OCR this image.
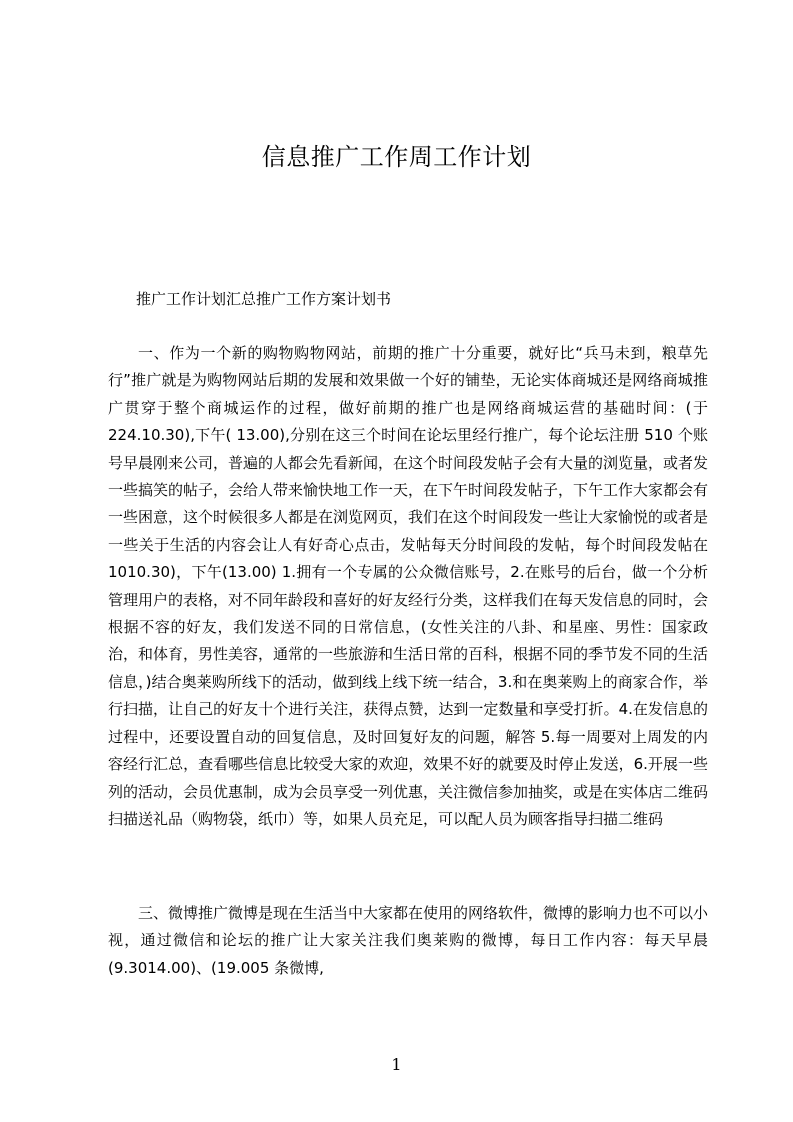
信息推广工作周工作计划
推广工作计划汇总推广工作方案计划书

一、作为一个新的购物购物网站，前期的推广十分重要，就好比“兵马未到，粮草先行”推广就是为购物网站后期的发展和效果做一个好的铺垫，无论实体商城还是网络商城推广贯穿于整个商城运作的过程，做好前期的推广也是网络商城运营的基础时间：(于 224.10.30),下午( 13.00),分别在这三个时间在论坛里经行推广，每个论坛注册 510 个账号早晨刚来公司，普遍的人都会先看新闻，在这个时间段发帖子会有大量的浏览量，或者发一些搞笑的帖子，会给人带来愉快地工作一天，在下午时间段发帖子，下午工作大家都会有一些困意，这个时候很多人都是在浏览网页，我们在这个时间段发一些让大家愉悦的或者是一些关于生活的内容会让人有好奇心点击，发帖每天分时间段的发帖，每个时间段发帖在 1010.30)，下午(13.00) 1.拥有一个专属的公众微信账号，2.在账号的后台，做一个分析管理用户的表格，对不同年龄段和喜好的好友经行分类，这样我们在每天发信息的同时，会根据不容的好友，我们发送不同的日常信息，(女性关注的八卦、和星座、男性：国家政治，和体育，男性美容，通常的一些旅游和生活日常的百科，根据不同的季节发不同的生活信息，)结合奥莱购所线下的活动，做到线上线下统一结合，3.和在奥莱购上的商家合作，举行扫描，让自己的好友十个进行关注，获得点赞，达到一定数量和享受打折。4.在发信息的过程中，还要设置自动的回复信息，及时回复好友的问题，解答 5.每一周要对上周发的内容经行汇总，查看哪些信息比较受大家的欢迎，效果不好的就要及时停止发送，6.开展一些列的活动，会员优惠制，成为会员享受一列优惠，关注微信参加抽奖，或是在实体店二维码扫描送礼品（购物袋，纸巾）等，如果人员充足，可以配人员为顾客指导扫描二维码

三、微博推广微博是现在生活当中大家都在使用的网络软件，微博的影响力也不可以小视，通过微信和论坛的推广让大家关注我们奥莱购的微博，每日工作内容：每天早晨(9.3014.00)、(19.005 条微博,

1
